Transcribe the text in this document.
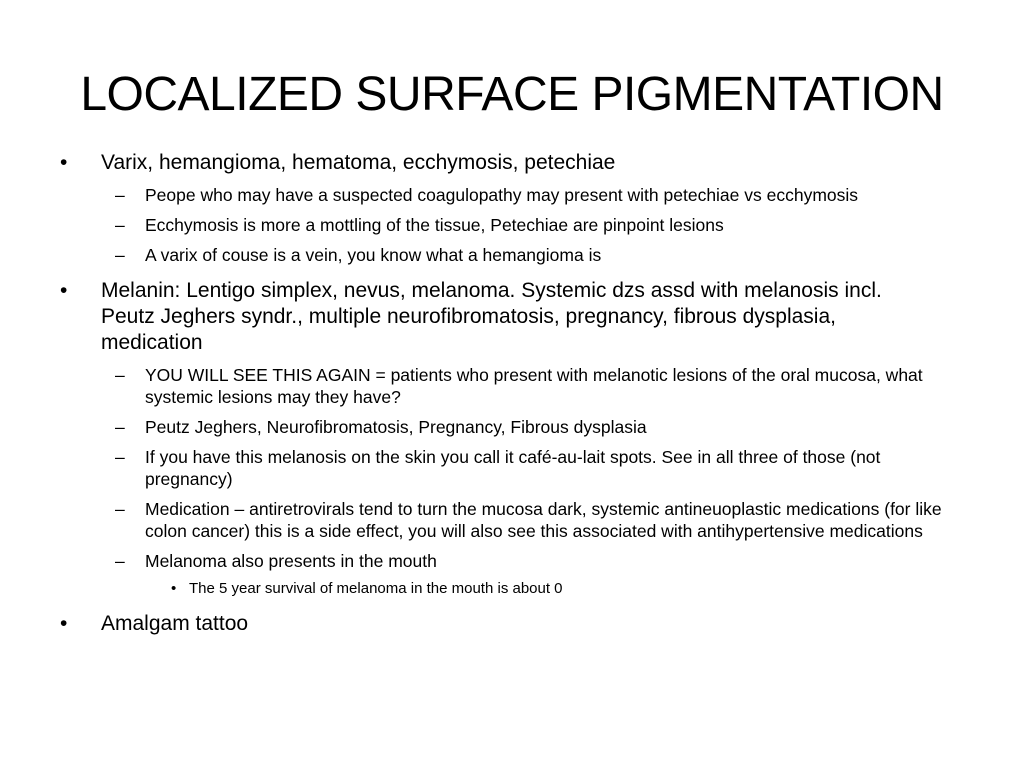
LOCALIZED SURFACE PIGMENTATION
• Varix, hemangioma, hematoma, ecchymosis, petechiae
– Peope who may have a suspected coagulopathy may present with petechiae vs ecchymosis
– Ecchymosis is more a mottling of the tissue, Petechiae are pinpoint lesions
– A varix of couse is a vein, you know what a hemangioma is
• Melanin: Lentigo simplex, nevus, melanoma. Systemic dzs assd with melanosis incl. Peutz Jeghers syndr., multiple neurofibromatosis, pregnancy, fibrous dysplasia, medication
– YOU WILL SEE THIS AGAIN = patients who present with melanotic lesions of the oral mucosa, what systemic lesions may they have?
– Peutz Jeghers, Neurofibromatosis, Pregnancy, Fibrous dysplasia
– If you have this melanosis on the skin you call it café-au-lait spots. See in all three of those (not pregnancy)
– Medication – antiretrovirals tend to turn the mucosa dark, systemic antineuoplastic medications (for like colon cancer) this is a side effect, you will also see this associated with antihypertensive medications
– Melanoma also presents in the mouth
• The 5 year survival of melanoma in the mouth is about 0
• Amalgam tattoo
